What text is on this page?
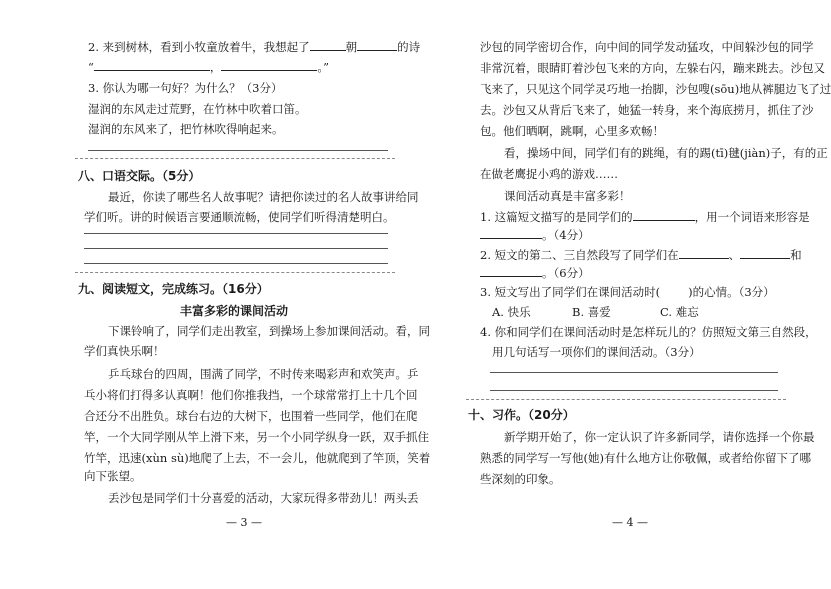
2. 来到树林，看到小牧童放着牛，我想起了	朝	的诗
“	，	。”
3. 你认为哪一句好？为什么？（3分）
湿润的东风走过荒野，在竹林中吹着口笛。
湿润的东风来了，把竹林吹得响起来。
八、口语交际。（5分）
最近，你读了哪些名人故事呢？请把你读过的名人故事讲给同
学们听。讲的时候语言要通顺流畅，使同学们听得清楚明白。
九、阅读短文，完成练习。（16分）
丰富多彩的课间活动
下课铃响了，同学们走出教室，到操场上参加课间活动。看，同
学们真快乐啊！
乒乓球台的四周，围满了同学，不时传来喝彩声和欢笑声。乒
乓小将们打得多认真啊！他们你推我挡，一个球常常打上十几个回
合还分不出胜负。球台右边的大树下，也围着一些同学，他们在爬
竿，一个大同学刚从竿上滑下来，另一个小同学纵身一跃，双手抓住
竹竿，迅速(xùn sù)地爬了上去，不一会儿，他就爬到了竿顶，笑着
向下张望。
丢沙包是同学们十分喜爱的活动，大家玩得多带劲儿！两头丢
— 3 —
沙包的同学密切合作，向中间的同学发动猛攻，中间躲沙包的同学
非常沉着，眼睛盯着沙包飞来的方向，左躲右闪，蹦来跳去。沙包又
飞来了，只见这个同学灵巧地一抬脚，沙包嗖(sōu)地从裤腿边飞了过
去。沙包又从背后飞来了，她猛一转身，来个海底捞月，抓住了沙
包。他们晒啊，跳啊，心里多欢畅！
看，操场中间，同学们有的跳绳，有的踢(tī)毽(jiàn)子，有的正
在做老鹰捉小鸡的游戏……
课间活动真是丰富多彩！
1. 这篇短文描写的是同学们的	，用一个词语来形容是
。（4分）
2. 短文的第二、三自然段写了同学们在	、	和
。（6分）
3. 短文写出了同学们在课间活动时( )的心情。（3分）
A. 快乐	B. 喜爱	C. 难忘
4. 你和同学们在课间活动时是怎样玩儿的？仿照短文第三自然段，
用几句话写一项你们的课间活动。（3分）
十、习作。（20分）
新学期开始了，你一定认识了许多新同学，请你选择一个你最
熟悉的同学写一写他(她)有什么地方让你敬佩，或者给你留下了哪
些深刻的印象。
— 4 —
